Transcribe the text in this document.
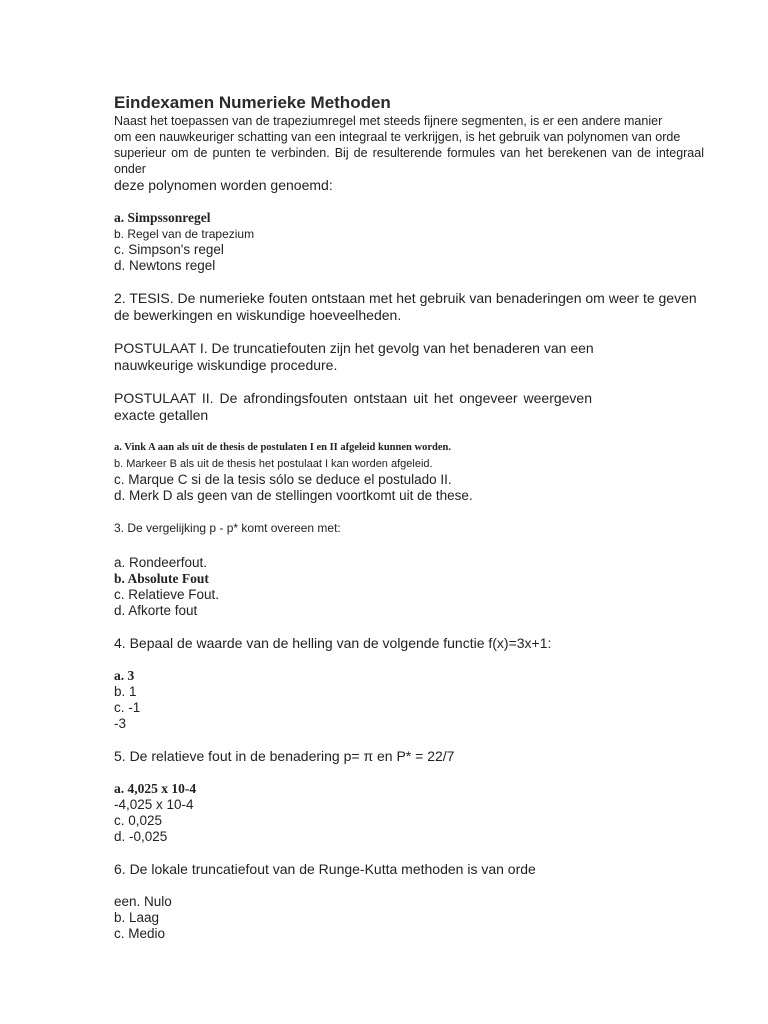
Eindexamen Numerieke Methoden

Naast het toepassen van de trapeziumregel met steeds fijnere segmenten, is er een andere manier

om een nauwkeuriger schatting van een integraal te verkrijgen, is het gebruik van polynomen van orde

superieur om de punten te verbinden. Bij de resulterende formules van het berekenen van de integraal onder

deze polynomen worden genoemd:

a. Simpssonregel
b. Regel van de trapezium
c. Simpson's regel
d. Newtons regel
2. TESIS. De numerieke fouten ontstaan met het gebruik van benaderingen om weer te geven
de bewerkingen en wiskundige hoeveelheden.
POSTULAAT I. De truncatiefouten zijn het gevolg van het benaderen van een
nauwkeurige wiskundige procedure.
POSTULAAT II. De afrondingsfouten ontstaan uit het ongeveer weergeven
exacte getallen
a. Vink A aan als uit de thesis de postulaten I en II afgeleid kunnen worden.
b. Markeer B als uit de thesis het postulaat I kan worden afgeleid.
c. Marque C si de la tesis sólo se deduce el postulado II.
d. Merk D als geen van de stellingen voortkomt uit de these.
3. De vergelijking p - p* komt overeen met:
a. Rondeerfout.
b. Absolute Fout
c. Relatieve Fout.
d. Afkorte fout
4. Bepaal de waarde van de helling van de volgende functie f(x)=3x+1:
a. 3
b. 1
c. -1
-3
5. De relatieve fout in de benadering p= π en P* = 22/7
a. 4,025 x 10-4
-4,025 x 10-4
c. 0,025
d. -0,025
6. De lokale truncatiefout van de Runge-Kutta methoden is van orde
een. Nulo
b. Laag
c. Medio
